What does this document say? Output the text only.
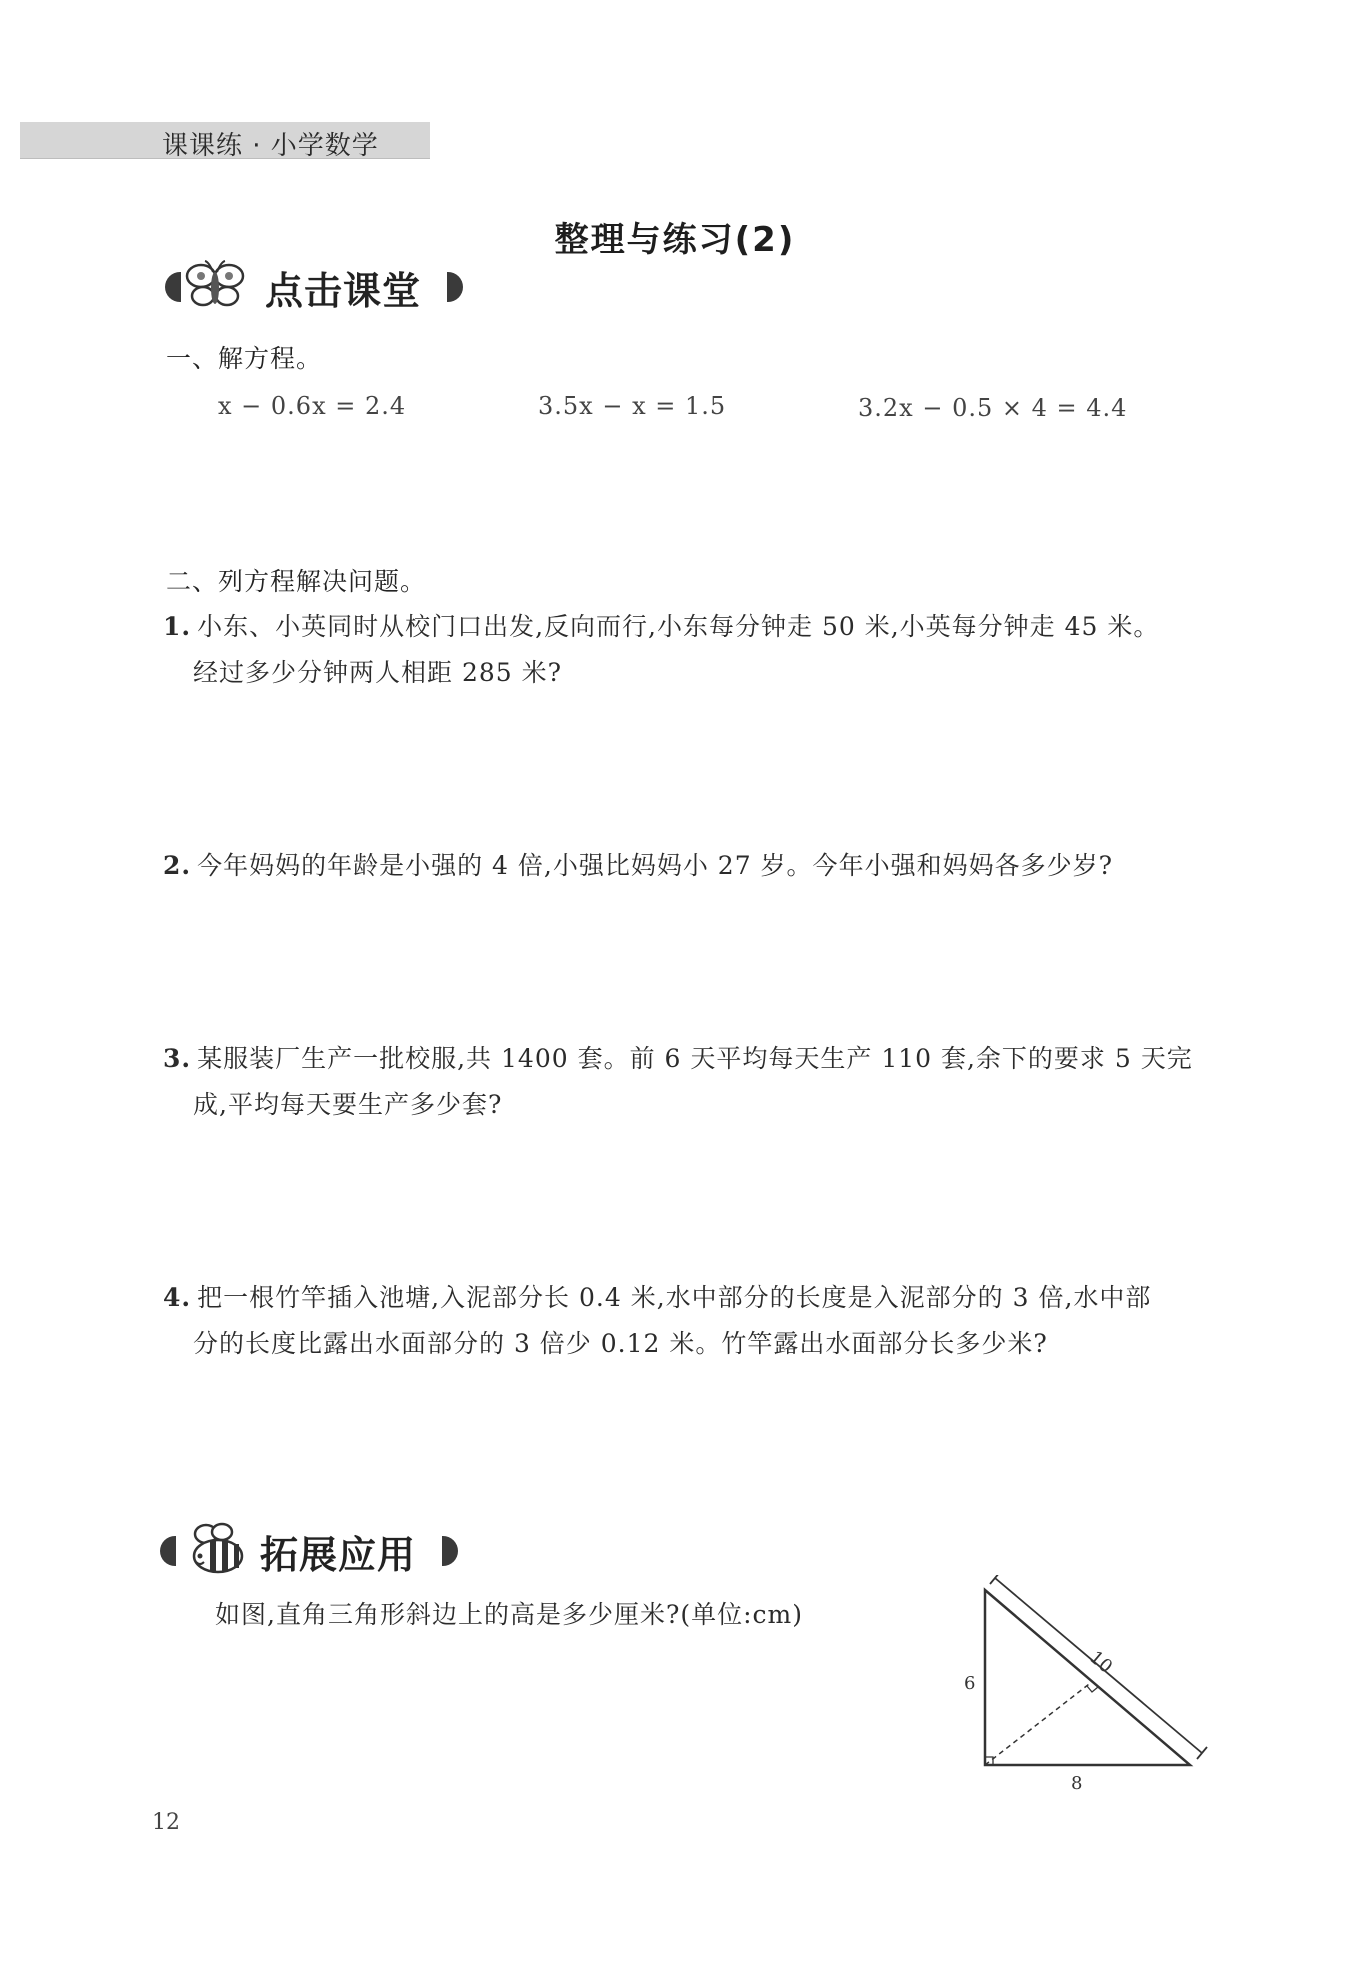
课课练 · 小学数学
整理与练习(2)
点击课堂
一、解方程。
x − 0.6x = 2.4	3.5x − x = 1.5	3.2x − 0.5 × 4 = 4.4
二、列方程解决问题。
1. 小东、小英同时从校门口出发,反向而行,小东每分钟走 50 米,小英每分钟走 45 米。
经过多少分钟两人相距 285 米?
2. 今年妈妈的年龄是小强的 4 倍,小强比妈妈小 27 岁。今年小强和妈妈各多少岁?
3. 某服装厂生产一批校服,共 1400 套。前 6 天平均每天生产 110 套,余下的要求 5 天完
成,平均每天要生产多少套?
4. 把一根竹竿插入池塘,入泥部分长 0.4 米,水中部分的长度是入泥部分的 3 倍,水中部
分的长度比露出水面部分的 3 倍少 0.12 米。竹竿露出水面部分长多少米?
拓展应用
如图,直角三角形斜边上的高是多少厘米?(单位:cm)
6
8
10
12
